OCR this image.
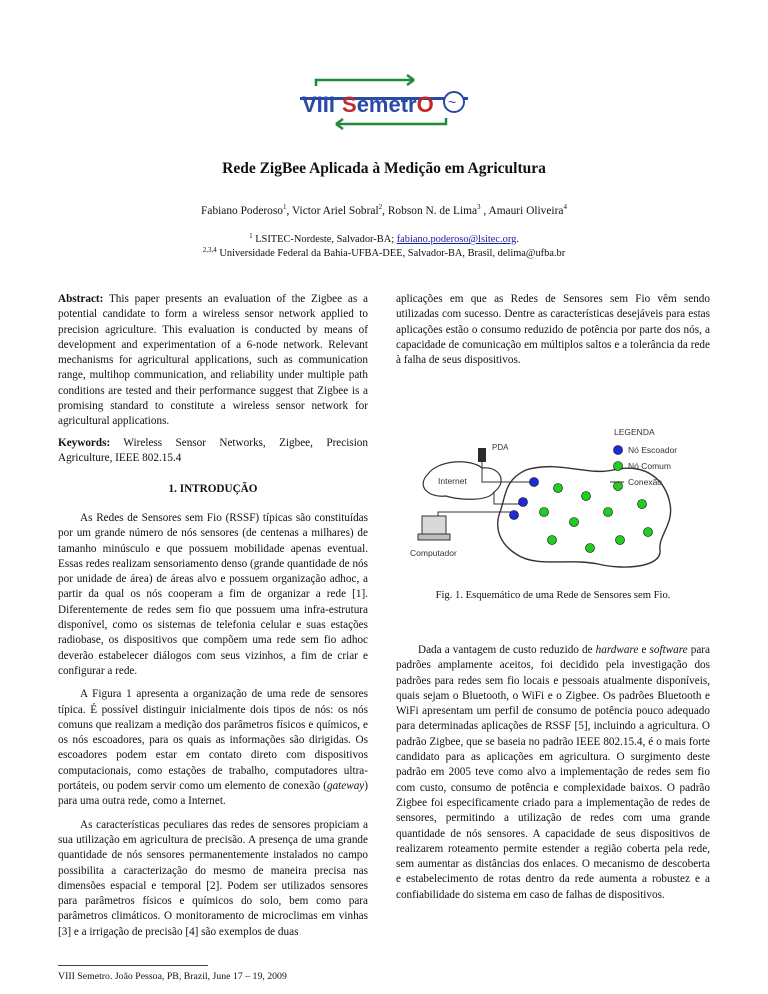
VIII SemetrO ~
Rede ZigBee Aplicada à Medição em Agricultura
Fabiano Poderoso$^1$, Victor Ariel Sobral$^2$, Robson N. de Lima$^3$ , Amauri Oliveira$^4$
$^1$ LSITEC-Nordeste, Salvador-BA; fabiano.poderoso@lsitec.org.
$^{2,3,4}$ Universidade Federal da Bahia-UFBA-DEE, Salvador-BA, Brasil, delima@ufba.br
Abstract: This paper presents an evaluation of the Zigbee as a potential candidate to form a wireless sensor network applied to precision agriculture. This evaluation is conducted by means of development and experimentation of a 6-node network. Relevant mechanisms for agricultural applications, such as communication range, multihop communication, and reliability under multiple path conditions are tested and their performance suggest that Zigbee is a promising standard to constitute a wireless sensor network for agricultural applications.
Keywords: Wireless Sensor Networks, Zigbee, Precision Agriculture, IEEE 802.15.4
1. INTRODUÇÃO

As Redes de Sensores sem Fio (RSSF) típicas são constituídas por um grande número de nós sensores (de centenas a milhares) de tamanho minúsculo e que possuem mobilidade apenas eventual. Essas redes realizam sensoriamento denso (grande quantidade de nós por unidade de área) de áreas alvo e possuem organização adhoc, a partir da qual os nós cooperam a fim de organizar a rede [1]. Diferentemente de redes sem fio que possuem uma infra-estrutura disponível, como os sistemas de telefonia celular e suas estações radiobase, os dispositivos que compõem uma rede sem fio adhoc deverão estabelecer diálogos com seus vizinhos, a fim de criar e configurar a rede.

A Figura 1 apresenta a organização de uma rede de sensores típica. É possível distinguir inicialmente dois tipos de nós: os nós comuns que realizam a medição dos parâmetros físicos e químicos, e os nós escoadores, para os quais as informações são dirigidas. Os escoadores podem estar em contato direto com dispositivos computacionais, como estações de trabalho, computadores ultra-portáteis, ou podem servir como um elemento de conexão (gateway) para uma outra rede, como a Internet.

As características peculiares das redes de sensores propiciam a sua utilização em agricultura de precisão. A presença de uma grande quantidade de nós sensores permanentemente instalados no campo possibilita a caracterização do mesmo de maneira precisa nas dimensões espacial e temporal [2]. Podem ser utilizados sensores para parâmetros físicos e químicos do solo, bem como para parâmetros climáticos. O monitoramento de microclimas em vinhas [3] e a irrigação de precisão [4] são exemplos de duas

aplicações em que as Redes de Sensores sem Fio vêm sendo utilizadas com sucesso. Dentre as características desejáveis para estas aplicações estão o consumo reduzido de potência por parte dos nós, a capacidade de comunicação em múltiplos saltos e a tolerância da rede à falha de seus dispositivos.

Internet
PDA
Computador
LEGENDA
Nó Escoador
Nó Comum
Conexão
Fig. 1. Esquemático de uma Rede de Sensores sem Fio.

Dada a vantagem de custo reduzido de hardware e software para padrões amplamente aceitos, foi decidido pela investigação dos padrões para redes sem fio locais e pessoais atualmente disponíveis, quais sejam o Bluetooth, o WiFi e o Zigbee. Os padrões Bluetooth e WiFi apresentam um perfil de consumo de potência pouco adequado para determinadas aplicações de RSSF [5], incluindo a agricultura. O padrão Zigbee, que se baseia no padrão IEEE 802.15.4, é o mais forte candidato para as aplicações em agricultura. O surgimento deste padrão em 2005 teve como alvo a implementação de redes sem fio com custo, consumo de potência e complexidade baixos. O padrão Zigbee foi especificamente criado para a implementação de redes de sensores, permitindo a utilização de redes com uma grande quantidade de nós sensores. A capacidade de seus dispositivos de realizarem roteamento permite estender a região coberta pela rede, sem aumentar as distâncias dos enlaces. O mecanismo de descoberta e estabelecimento de rotas dentro da rede aumenta a robustez e a confiabilidade do sistema em caso de falhas de dispositivos.

VIII Semetro. João Pessoa, PB, Brazil, June 17 – 19, 2009
